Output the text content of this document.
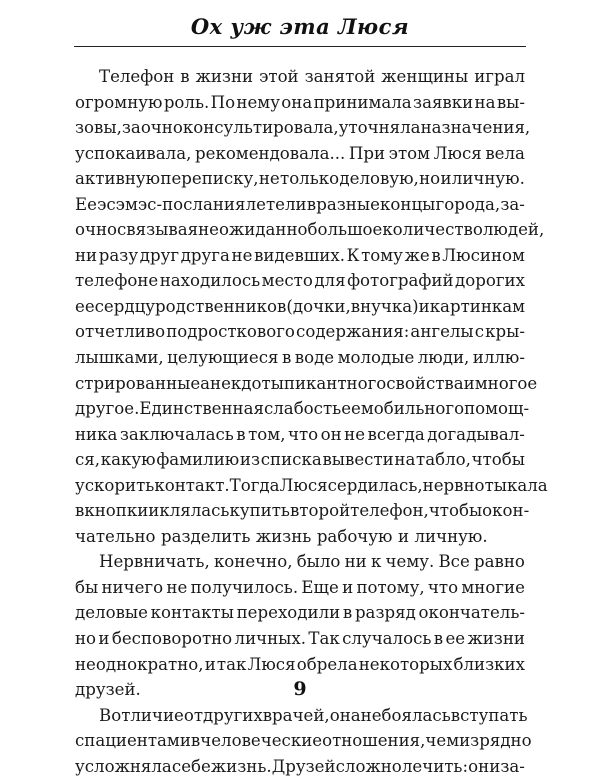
Ох уж эта Люся
Телефон в жизни этой занятой женщины играл
огромную роль. По нему она принимала заявки на вы-
зовы, заочно консультировала, уточняла назначения,
успокаивала, рекомендовала... При этом Люся вела
активную переписку, не только деловую, но и личную.
Ее эсэмэс-послания летели в разные концы города, за-
очно связывая неожиданно большое количество людей,
ни разу друг друга не видевших. К тому же в Люсином
телефоне находилось место для фотографий дорогих
ее сердцу родственников (дочки, внучка) и картинкам
отчетливо подросткового содержания: ангелы с кры-
лышками, целующиеся в воде молодые люди, иллю-
стрированные анекдоты пикантного свойства и многое
другое. Единственная слабость ее мобильного помощ-
ника заключалась в том, что он не всегда догадывал-
ся, какую фамилию из списка вывести на табло, чтобы
ускорить контакт. Тогда Люся сердилась, нервно тыкала
в кнопки и клялась купить второй телефон, чтобы окон-
чательно разделить жизнь рабочую и личную.
Нервничать, конечно, было ни к чему. Все равно
бы ничего не получилось. Еще и потому, что многие
деловые контакты переходили в разряд окончатель-
но и бесповоротно личных. Так случалось в ее жизни
неоднократно, и так Люся обрела некоторых близких
друзей.
В отличие от других врачей, она не боялась вступать
с пациентами в человеческие отношения, чем изрядно
усложняла себе жизнь. Друзей сложно лечить: они за-
9
